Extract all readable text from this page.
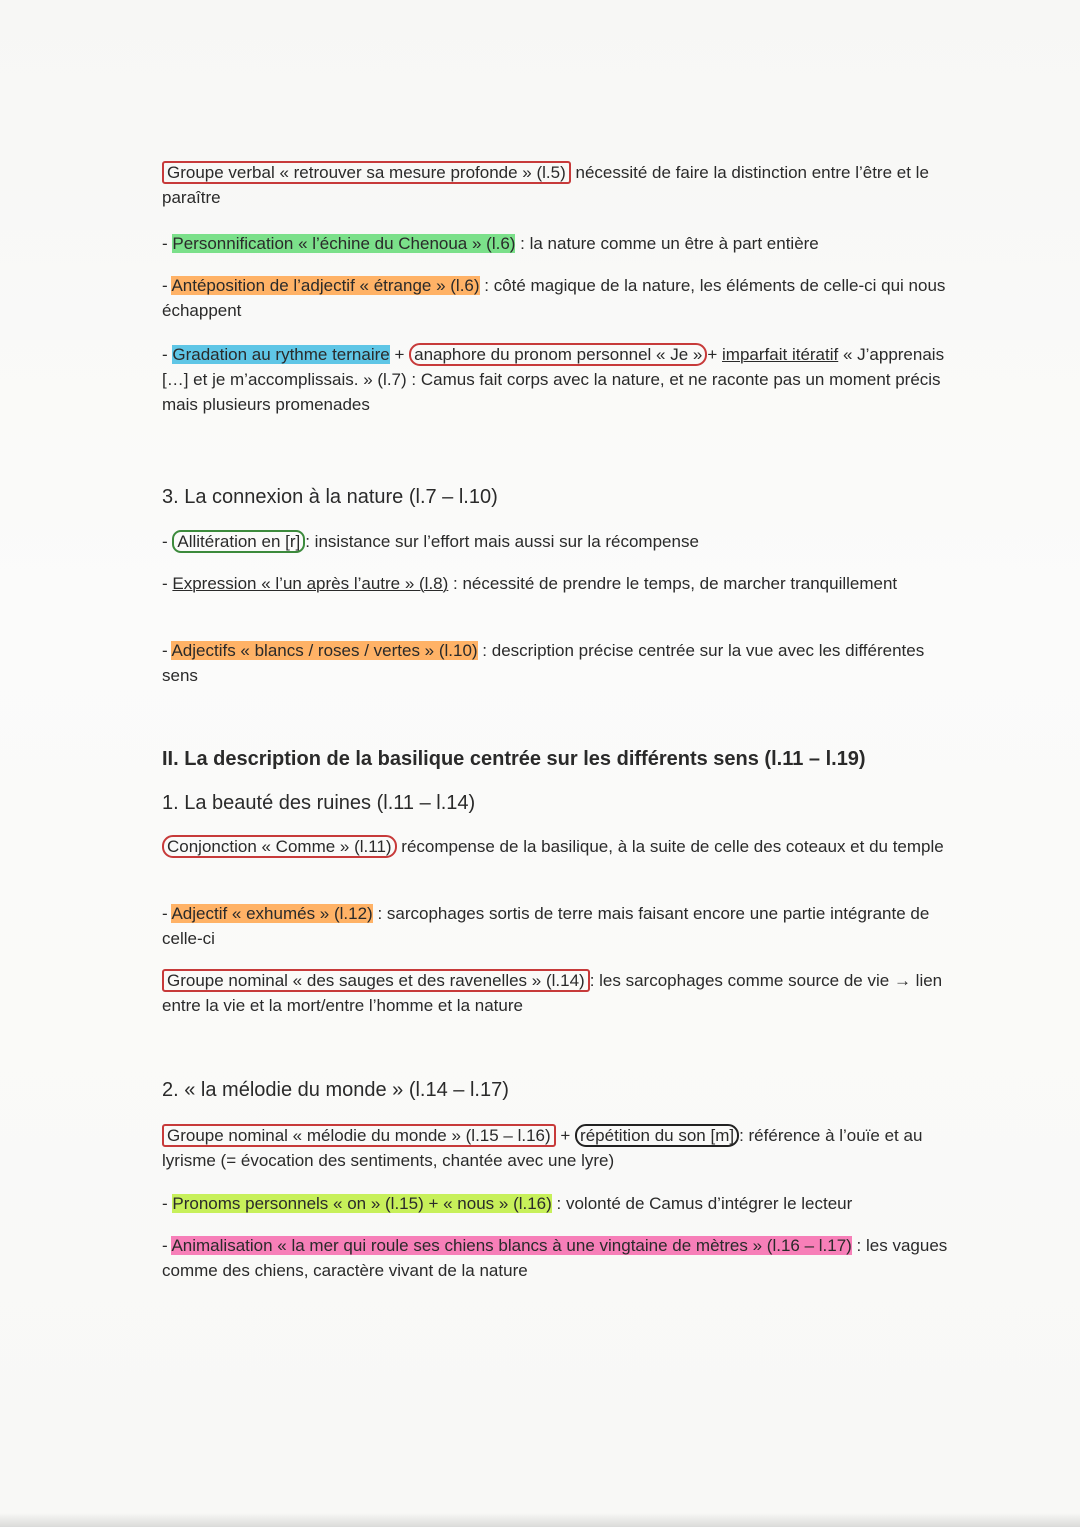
Groupe verbal « retrouver sa mesure profonde » (l.5) nécessité de faire la distinction entre l’être et le paraître
- Personnification « l’échine du Chenoua » (l.6) : la nature comme un être à part entière
- Antéposition de l’adjectif « étrange » (l.6) : côté magique de la nature, les éléments de celle-ci qui nous échappent
- Gradation au rythme ternaire + anaphore du pronom personnel « Je » + imparfait itératif « J’apprenais […] et je m’accomplissais. » (l.7) : Camus fait corps avec la nature, et ne raconte pas un moment précis mais plusieurs promenades
3. La connexion à la nature (l.7 – l.10)
- Allitération en [r] : insistance sur l’effort mais aussi sur la récompense
- Expression « l’un après l’autre » (l.8) : nécessité de prendre le temps, de marcher tranquillement
- Adjectifs « blancs / roses / vertes » (l.10) : description précise centrée sur la vue avec les différentes sens
II. La description de la basilique centrée sur les différents sens (l.11 – l.19)
1. La beauté des ruines (l.11 – l.14)
Conjonction « Comme » (l.11) récompense de la basilique, à la suite de celle des coteaux et du temple
- Adjectif « exhumés » (l.12) : sarcophages sortis de terre mais faisant encore une partie intégrante de celle-ci
Groupe nominal « des sauges et des ravenelles » (l.14) : les sarcophages comme source de vie → lien entre la vie et la mort/entre l’homme et la nature
2. « la mélodie du monde » (l.14 – l.17)
Groupe nominal « mélodie du monde » (l.15 – l.16) + répétition du son [m] : référence à l’ouïe et au lyrisme (= évocation des sentiments, chantée avec une lyre)
- Pronoms personnels « on » (l.15) + « nous » (l.16) : volonté de Camus d’intégrer le lecteur
- Animalisation « la mer qui roule ses chiens blancs à une vingtaine de mètres » (l.16 – l.17) : les vagues comme des chiens, caractère vivant de la nature
